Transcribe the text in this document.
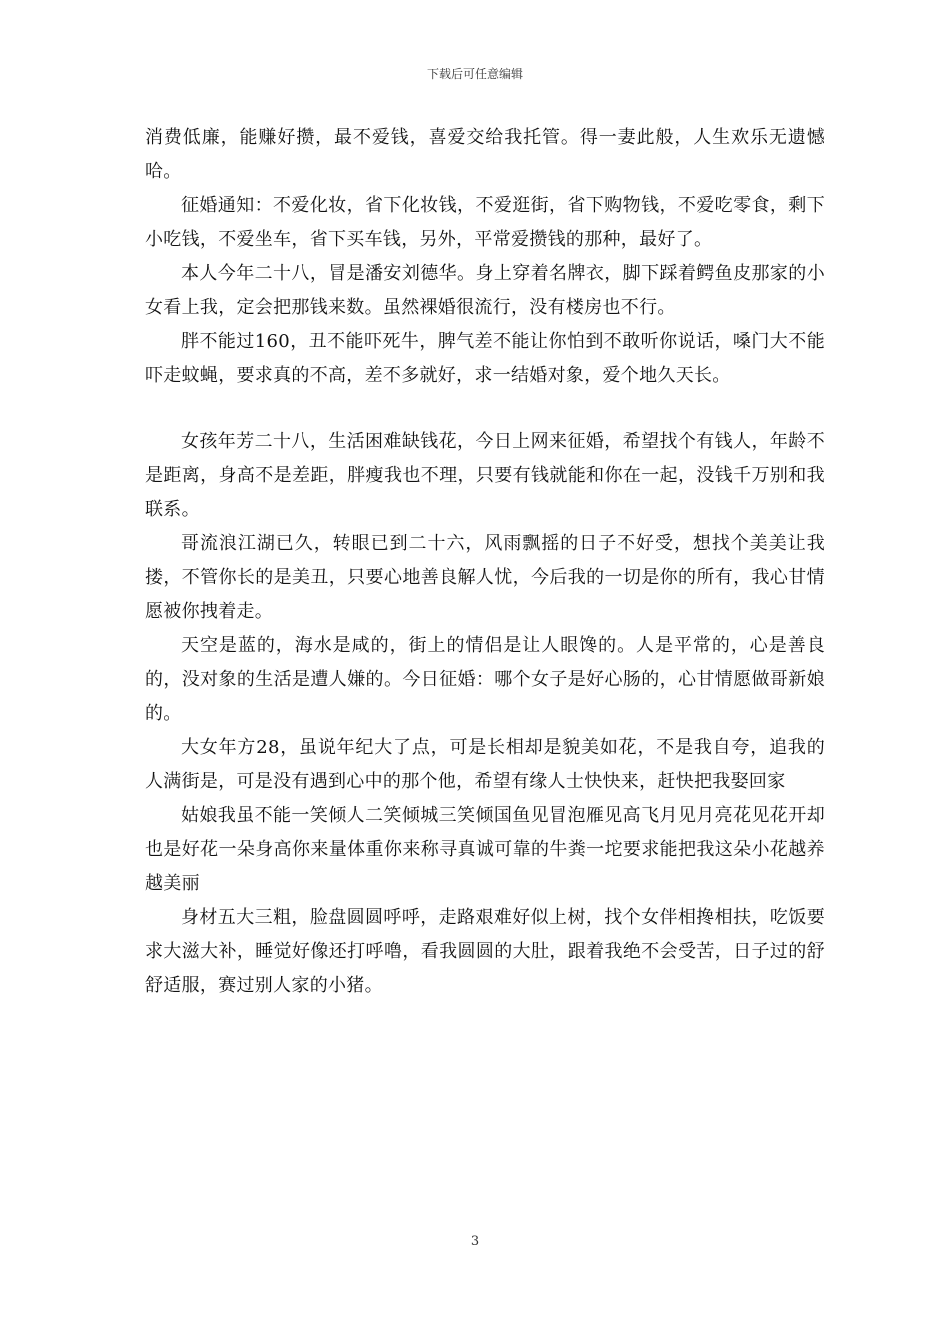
下载后可任意编辑

消费低廉，能赚好攒，最不爱钱，喜爱交给我托管。得一妻此般，人生欢乐无遗憾哈。

征婚通知：不爱化妆，省下化妆钱，不爱逛街，省下购物钱，不爱吃零食，剩下小吃钱，不爱坐车，省下买车钱，另外，平常爱攒钱的那种，最好了。

本人今年二十八，冒是潘安刘德华。身上穿着名牌衣，脚下踩着鳄鱼皮那家的小女看上我，定会把那钱来数。虽然裸婚很流行，没有楼房也不行。

胖不能过160，丑不能吓死牛，脾气差不能让你怕到不敢听你说话，嗓门大不能吓走蚊蝇，要求真的不高，差不多就好，求一结婚对象，爱个地久天长。

女孩年芳二十八，生活困难缺钱花，今日上网来征婚，希望找个有钱人，年龄不是距离，身高不是差距，胖瘦我也不理，只要有钱就能和你在一起，没钱千万别和我联系。

哥流浪江湖已久，转眼已到二十六，风雨飘摇的日子不好受，想找个美美让我搂，不管你长的是美丑，只要心地善良解人忧，今后我的一切是你的所有，我心甘情愿被你拽着走。

天空是蓝的，海水是咸的，街上的情侣是让人眼馋的。人是平常的，心是善良的，没对象的生活是遭人嫌的。今日征婚：哪个女子是好心肠的，心甘情愿做哥新娘的。

大女年方28，虽说年纪大了点，可是长相却是貌美如花，不是我自夸，追我的人满街是，可是没有遇到心中的那个他，希望有缘人士快快来，赶快把我娶回家

姑娘我虽不能一笑倾人二笑倾城三笑倾国鱼见冒泡雁见高飞月见月亮花见花开却也是好花一朵身高你来量体重你来称寻真诚可靠的牛粪一坨要求能把我这朵小花越养越美丽

身材五大三粗，脸盘圆圆呼呼，走路艰难好似上树，找个女伴相搀相扶，吃饭要求大滋大补，睡觉好像还打呼噜，看我圆圆的大肚，跟着我绝不会受苦，日子过的舒舒适服，赛过别人家的小猪。

3
